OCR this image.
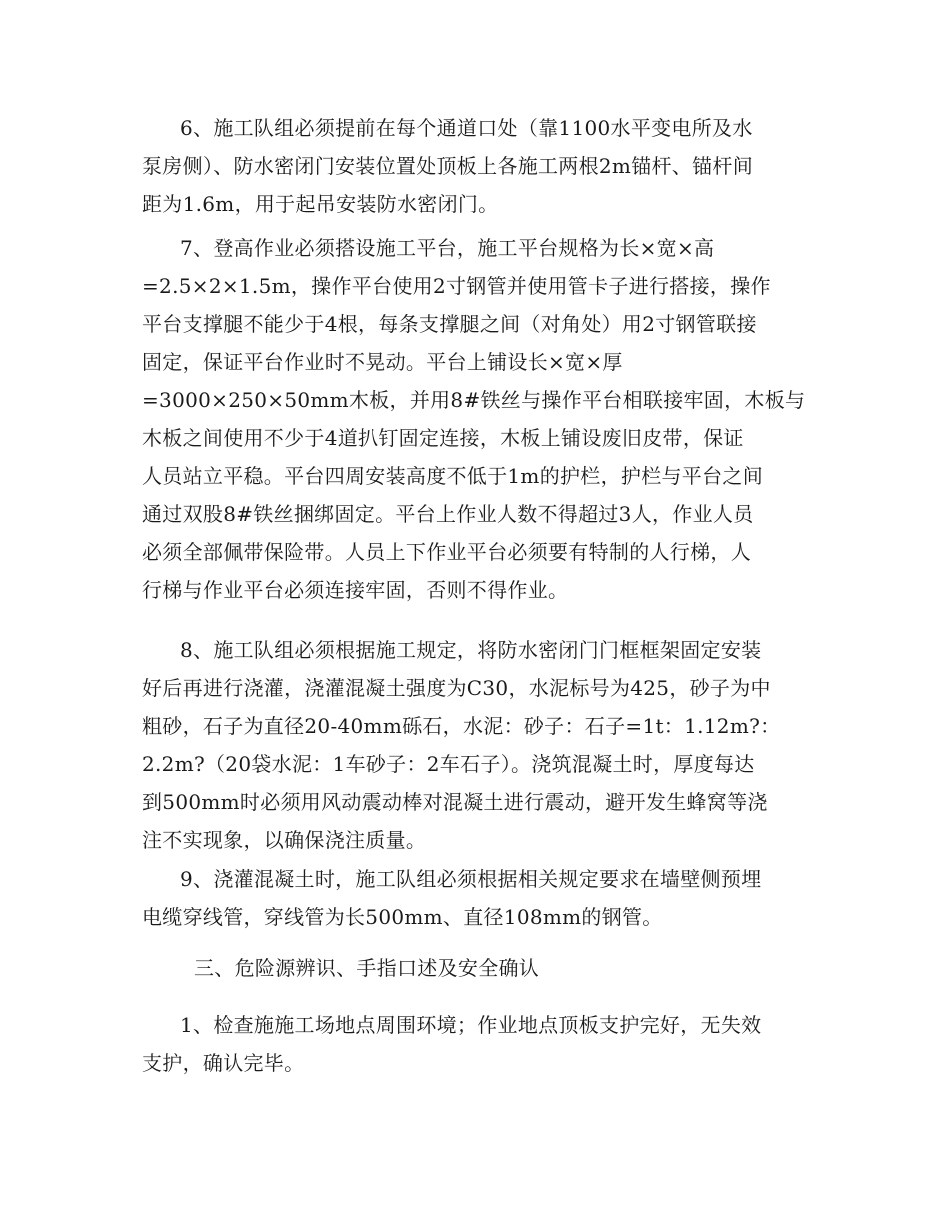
6、施工队组必须提前在每个通道口处（靠1100水平变电所及水
泵房侧）、防水密闭门安装位置处顶板上各施工两根2m锚杆、锚杆间
距为1.6m，用于起吊安装防水密闭门。
7、登高作业必须搭设施工平台，施工平台规格为长×宽×高
=2.5×2×1.5m，操作平台使用2寸钢管并使用管卡子进行搭接，操作
平台支撑腿不能少于4根，每条支撑腿之间（对角处）用2寸钢管联接
固定，保证平台作业时不晃动。平台上铺设长×宽×厚
=3000×250×50mm木板，并用8#铁丝与操作平台相联接牢固，木板与
木板之间使用不少于4道扒钉固定连接，木板上铺设废旧皮带，保证
人员站立平稳。平台四周安装高度不低于1m的护栏，护栏与平台之间
通过双股8#铁丝捆绑固定。平台上作业人数不得超过3人，作业人员
必须全部佩带保险带。人员上下作业平台必须要有特制的人行梯，人
行梯与作业平台必须连接牢固，否则不得作业。
8、施工队组必须根据施工规定，将防水密闭门门框框架固定安装
好后再进行浇灌，浇灌混凝土强度为C30，水泥标号为425，砂子为中
粗砂，石子为直径20-40mm砾石，水泥：砂子：石子=1t：1.12m?：
2.2m?（20袋水泥：1车砂子：2车石子）。浇筑混凝土时，厚度每达
到500mm时必须用风动震动棒对混凝土进行震动，避开发生蜂窝等浇
注不实现象，以确保浇注质量。
9、浇灌混凝土时，施工队组必须根据相关规定要求在墙壁侧预埋
电缆穿线管，穿线管为长500mm、直径108mm的钢管。
三、危险源辨识、手指口述及安全确认
1、检查施施工场地点周围环境；作业地点顶板支护完好，无失效
支护，确认完毕。
